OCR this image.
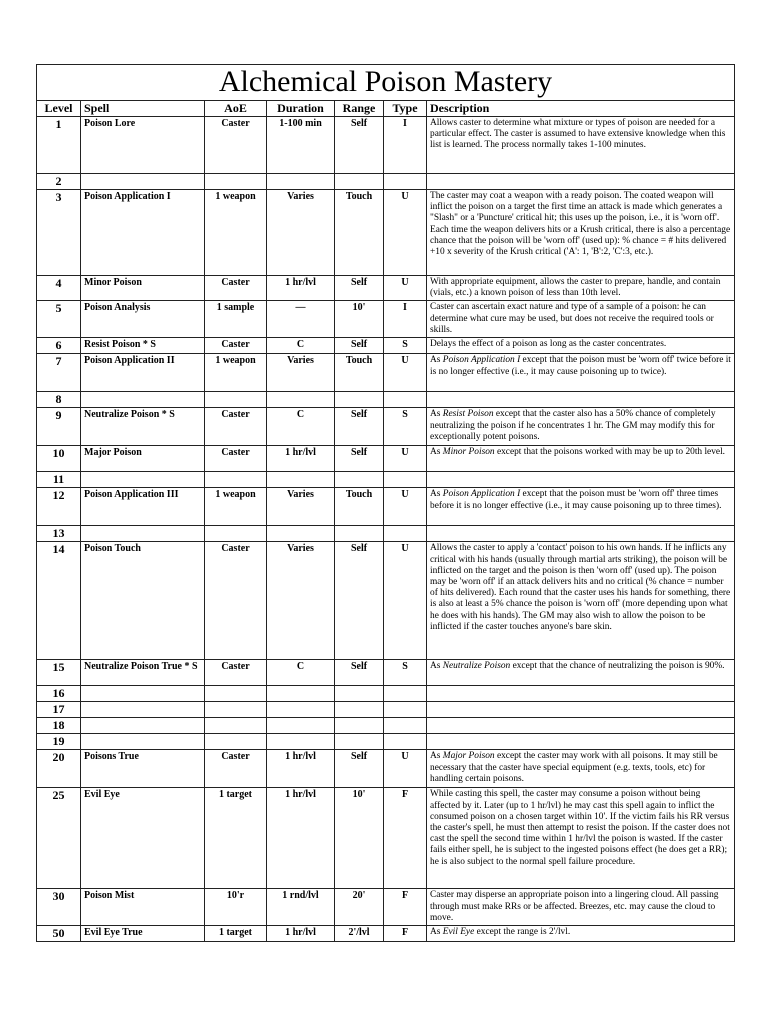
Alchemical Poison Mastery						
Level	Spell	AoE	Duration	Range	Type	Description
1	Poison Lore	Caster	1-100 min	Self	I	Allows caster to determine what mixture or types of poison are needed for a particular effect. The caster is assumed to have extensive knowledge when this list is learned. The process normally takes 1-100 minutes.
2						
3	Poison Application I	1 weapon	Varies	Touch	U	The caster may coat a weapon with a ready poison. The coated weapon will inflict the poison on a target the first time an attack is made which generates a "Slash" or a 'Puncture' critical hit; this uses up the poison, i.e., it is 'worn off'. Each time the weapon delivers hits or a Krush critical, there is also a percentage chance that the poison will be 'worn off' (used up): % chance = # hits delivered +10 x severity of the Krush critical ('A': 1, 'B':2, 'C':3, etc.).
4	Minor Poison	Caster	1 hr/lvl	Self	U	With appropriate equipment, allows the caster to prepare, handle, and contain (vials, etc.) a known poison of less than 10th level.
5	Poison Analysis	1 sample	—	10'	I	Caster can ascertain exact nature and type of a sample of a poison: he can determine what cure may be used, but does not receive the required tools or skills.
6	Resist Poison * S	Caster	C	Self	S	Delays the effect of a poison as long as the caster concentrates.
7	Poison Application II	1 weapon	Varies	Touch	U	As Poison Application I except that the poison must be 'worn off' twice before it is no longer effective (i.e., it may cause poisoning up to twice).
8						
9	Neutralize Poison * S	Caster	C	Self	S	As Resist Poison except that the caster also has a 50% chance of completely neutralizing the poison if he concentrates 1 hr. The GM may modify this for exceptionally potent poisons.
10	Major Poison	Caster	1 hr/lvl	Self	U	As Minor Poison except that the poisons worked with may be up to 20th level.
11						
12	Poison Application III	1 weapon	Varies	Touch	U	As Poison Application I except that the poison must be 'worn off' three times before it is no longer effective (i.e., it may cause poisoning up to three times).
13						
14	Poison Touch	Caster	Varies	Self	U	Allows the caster to apply a 'contact' poison to his own hands. If he inflicts any critical with his hands (usually through martial arts striking), the poison will be inflicted on the target and the poison is then 'worn off' (used up). The poison may be 'worn off' if an attack delivers hits and no critical (% chance = number of hits delivered). Each round that the caster uses his hands for something, there is also at least a 5% chance the poison is 'worn off' (more depending upon what he does with his hands). The GM may also wish to allow the poison to be inflicted if the caster touches anyone's bare skin.
15	Neutralize Poison True * S	Caster	C	Self	S	As Neutralize Poison except that the chance of neutralizing the poison is 90%.
16						
17						
18						
19						
20	Poisons True	Caster	1 hr/lvl	Self	U	As Major Poison except the caster may work with all poisons. It may still be necessary that the caster have special equipment (e.g. texts, tools, etc) for handling certain poisons.
25	Evil Eye	1 target	1 hr/lvl	10'	F	While casting this spell, the caster may consume a poison without being affected by it. Later (up to 1 hr/lvl) he may cast this spell again to inflict the consumed poison on a chosen target within 10'. If the victim fails his RR versus the caster's spell, he must then attempt to resist the poison. If the caster does not cast the spell the second time within 1 hr/lvl the poison is wasted. If the caster fails either spell, he is subject to the ingested poisons effect (he does get a RR); he is also subject to the normal spell failure procedure.
30	Poison Mist	10'r	1 rnd/lvl	20'	F	Caster may disperse an appropriate poison into a lingering cloud. All passing through must make RRs or be affected. Breezes, etc. may cause the cloud to move.
50	Evil Eye True	1 target	1 hr/lvl	2'/lvl	F	As Evil Eye except the range is 2'/lvl.
